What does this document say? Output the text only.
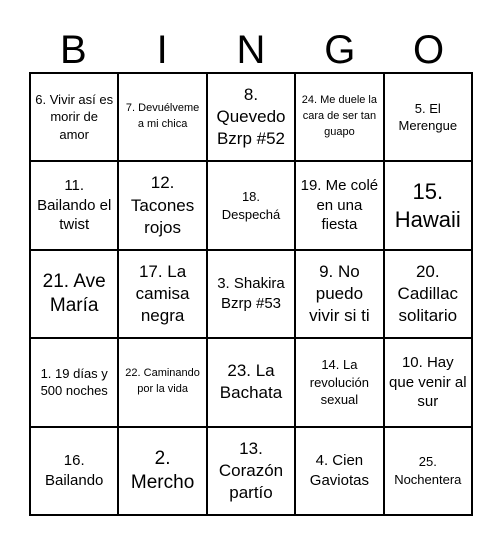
B	I	N	G	O
6. Vivir así es morir de amor
7. Devuélveme a mi chica
8. Quevedo Bzrp #52
24. Me duele la cara de ser tan guapo
5. El Merengue
11. Bailando el twist
12. Tacones rojos
18. Despechá
19. Me colé en una fiesta
15. Hawaii
21. Ave María
17. La camisa negra
3. Shakira Bzrp #53
9. No puedo vivir si ti
20. Cadillac solitario
1. 19 días y 500 noches
22. Caminando por la vida
23. La Bachata
14. La revolución sexual
10. Hay que venir al sur
16. Bailando
2. Mercho
13. Corazón partío
4. Cien Gaviotas
25. Nochentera
